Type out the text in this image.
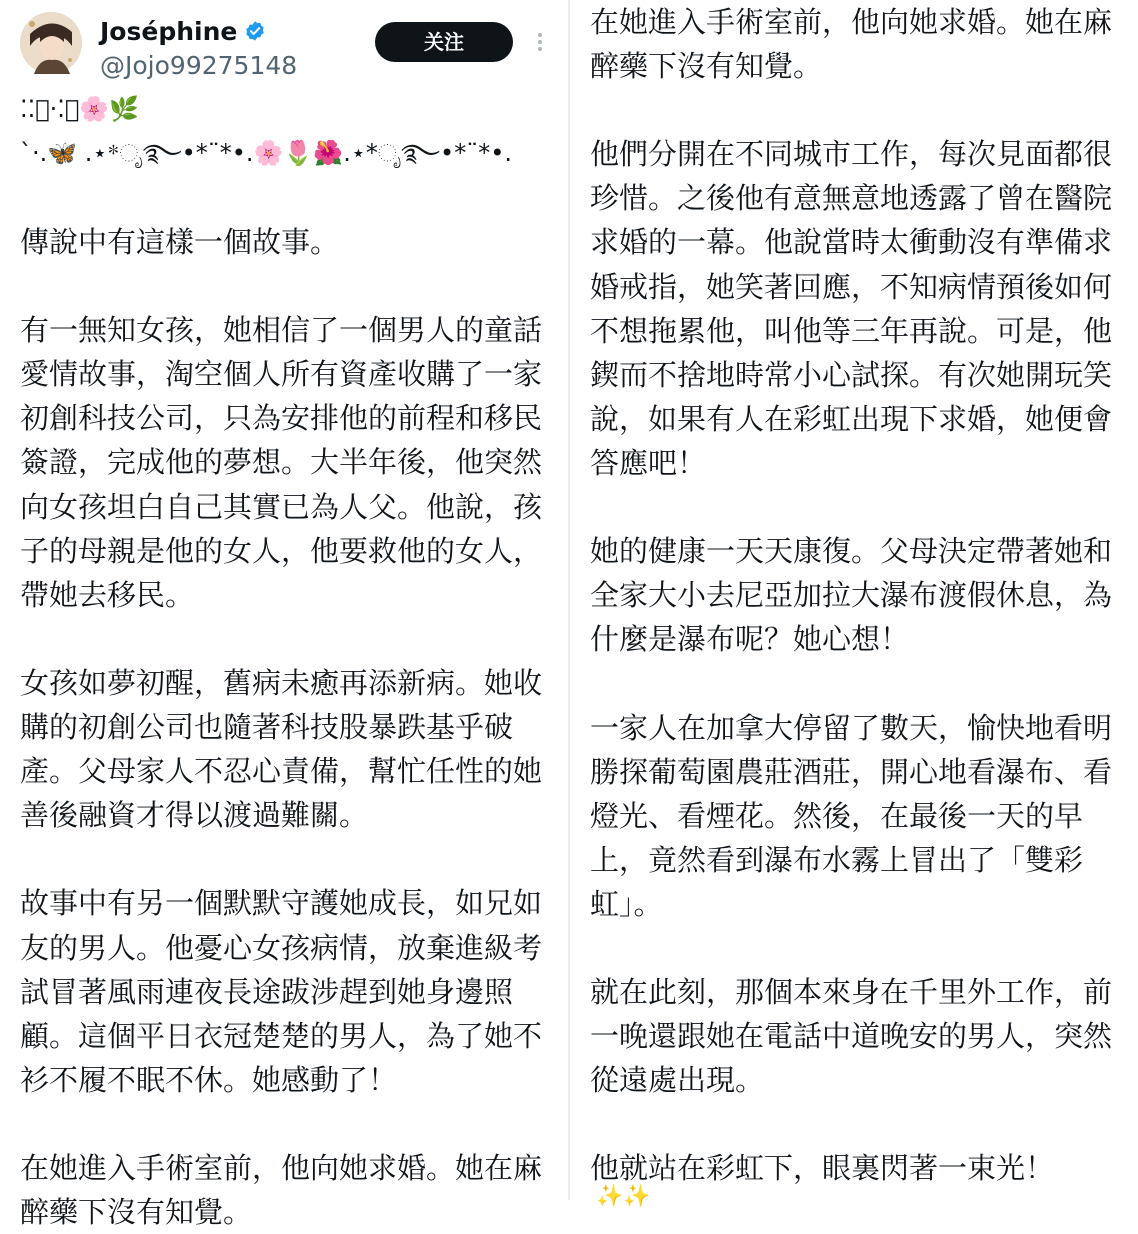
Joséphine
@Jojo99275148
关注
⁚⁚͙·⁚͙🌸🌿
`·.🦋 .⋆*ೃ࿐•*¨*•.🌸🌷🌺.⋆*ೃ࿐•*¨*•.
傳說中有這樣一個故事。

有一無知女孩，她相信了一個男人的童話愛情故事，淘空個人所有資產收購了一家初創科技公司，只為安排他的前程和移民簽證，完成他的夢想。大半年後，他突然向女孩坦白自己其實已為人父。他說，孩子的母親是他的女人，他要救他的女人，帶她去移民。

女孩如夢初醒，舊病未癒再添新病。她收購的初創公司也隨著科技股暴跌基乎破產。父母家人不忍心責備，幫忙任性的她善後融資才得以渡過難關。

故事中有另一個默默守護她成長，如兄如友的男人。他憂心女孩病情，放棄進級考試冒著風雨連夜長途跋涉趕到她身邊照顧。這個平日衣冠楚楚的男人，為了她不衫不履不眠不休。她感動了！

在她進入手術室前，他向她求婚。她在麻醉藥下沒有知覺。
在她進入手術室前，他向她求婚。她在麻醉藥下沒有知覺。

他們分開在不同城市工作，每次見面都很珍惜。之後他有意無意地透露了曾在醫院求婚的一幕。他說當時太衝動沒有準備求婚戒指，她笑著回應，不知病情預後如何不想拖累他，叫他等三年再說。可是，他鍥而不捨地時常小心試探。有次她開玩笑說，如果有人在彩虹出現下求婚，她便會答應吧！

她的健康一天天康復。父母決定帶著她和全家大小去尼亞加拉大瀑布渡假休息，為什麼是瀑布呢？她心想！

一家人在加拿大停留了數天，愉快地看明勝探葡萄園農莊酒莊，開心地看瀑布、看燈光、看煙花。然後，在最後一天的早上，竟然看到瀑布水霧上冒出了「雙彩虹」。

就在此刻，那個本來身在千里外工作，前一晚還跟她在電話中道晚安的男人，突然從遠處出現。

他就站在彩虹下，眼裏閃著一束光！
✨✨
